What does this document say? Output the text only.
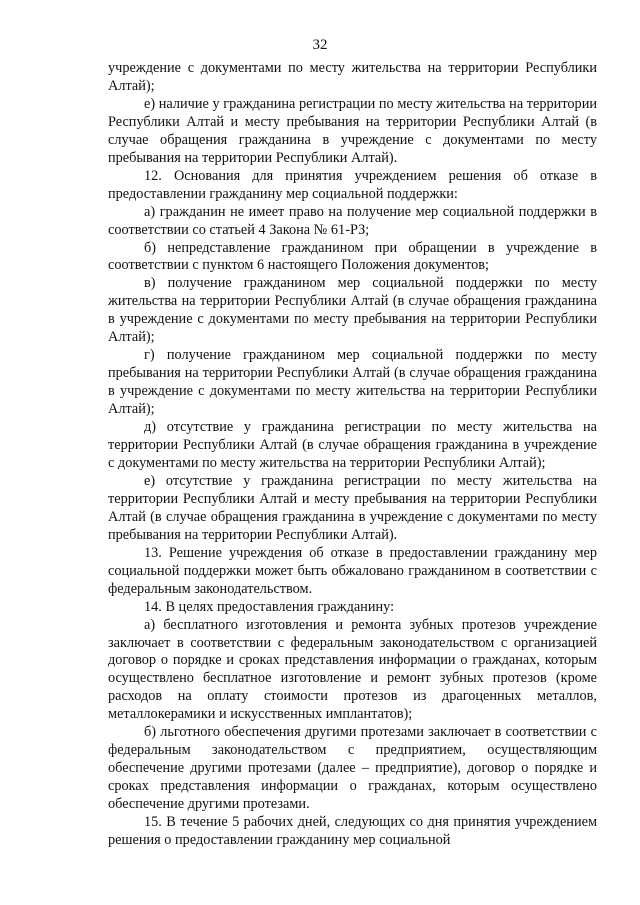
32

учреждение с документами по месту жительства на территории Республики Алтай);

е) наличие у гражданина регистрации по месту жительства на территории Республики Алтай и месту пребывания на территории Республики Алтай (в случае обращения гражданина в учреждение с документами по месту пребывания на территории Республики Алтай).

12. Основания для принятия учреждением решения об отказе в предоставлении гражданину мер социальной поддержки:

а) гражданин не имеет право на получение мер социальной поддержки в соответствии со статьей 4 Закона № 61-РЗ;

б) непредставление гражданином при обращении в учреждение в соответствии с пунктом 6 настоящего Положения документов;

в) получение гражданином мер социальной поддержки по месту жительства на территории Республики Алтай (в случае обращения гражданина в учреждение с документами по месту пребывания на территории Республики Алтай);

г) получение гражданином мер социальной поддержки по месту пребывания на территории Республики Алтай (в случае обращения гражданина в учреждение с документами по месту жительства на территории Республики Алтай);

д) отсутствие у гражданина регистрации по месту жительства на территории Республики Алтай (в случае обращения гражданина в учреждение с документами по месту жительства на территории Республики Алтай);

е) отсутствие у гражданина регистрации по месту жительства на территории Республики Алтай и месту пребывания на территории Республики Алтай (в случае обращения гражданина в учреждение с документами по месту пребывания на территории Республики Алтай).

13. Решение учреждения об отказе в предоставлении гражданину мер социальной поддержки может быть обжаловано гражданином в соответствии с федеральным законодательством.

14. В целях предоставления гражданину:

а) бесплатного изготовления и ремонта зубных протезов учреждение заключает в соответствии с федеральным законодательством с организацией договор о порядке и сроках представления информации о гражданах, которым осуществлено бесплатное изготовление и ремонт зубных протезов (кроме расходов на оплату стоимости протезов из драгоценных металлов, металлокерамики и искусственных имплантатов);

б) льготного обеспечения другими протезами заключает в соответствии с федеральным законодательством с предприятием, осуществляющим обеспечение другими протезами (далее – предприятие), договор о порядке и сроках представления информации о гражданах, которым осуществлено обеспечение другими протезами.

15. В течение 5 рабочих дней, следующих со дня принятия учреждением решения о предоставлении гражданину мер социальной
